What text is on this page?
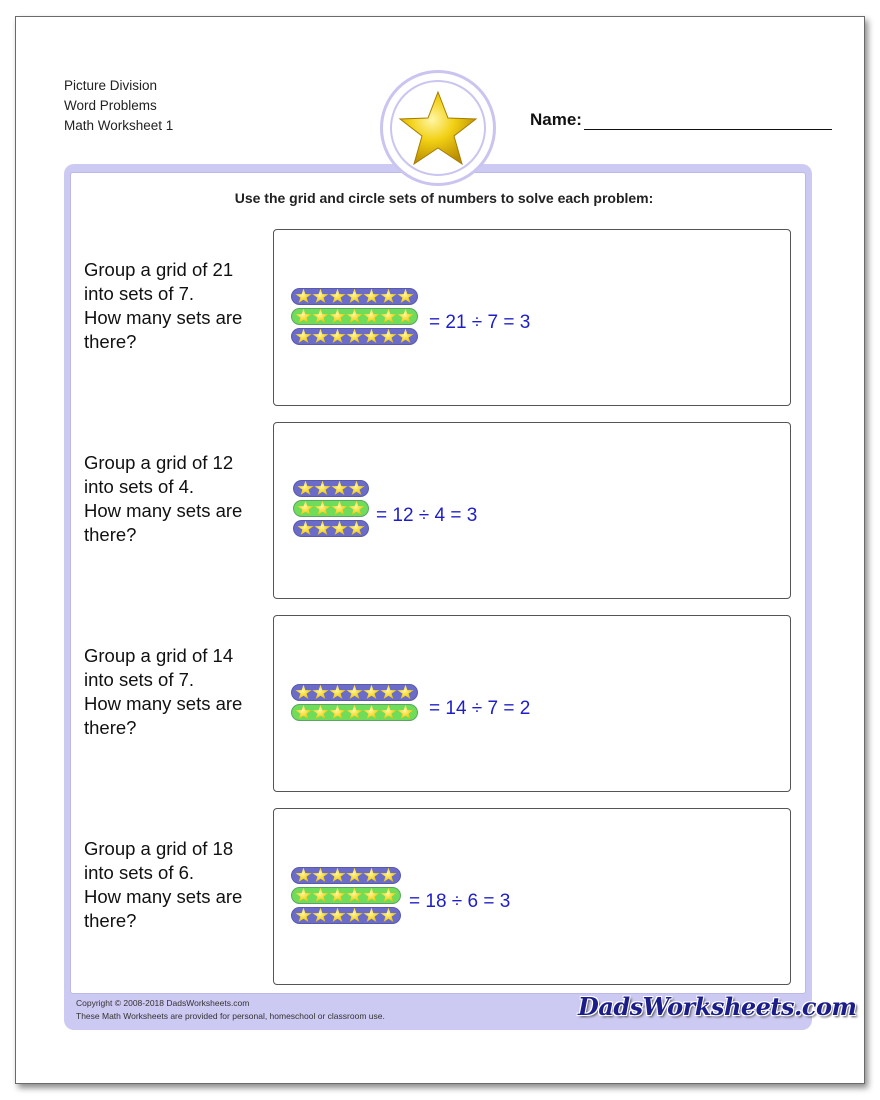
Picture Division
Word Problems
Math Worksheet 1	Name:
Use the grid and circle sets of numbers to solve each problem:
Group a grid of 21
into sets of 7.
How many sets are
there?
= 21 ÷ 7 = 3
Group a grid of 12
into sets of 4.
How many sets are
there?
= 12 ÷ 4 = 3
Group a grid of 14
into sets of 7.
How many sets are
there?
= 14 ÷ 7 = 2
Group a grid of 18
into sets of 6.
How many sets are
there?
= 18 ÷ 6 = 3
Copyright © 2008-2018 DadsWorksheets.com
These Math Worksheets are provided for personal, homeschool or classroom use.	DadsWorksheets.com
